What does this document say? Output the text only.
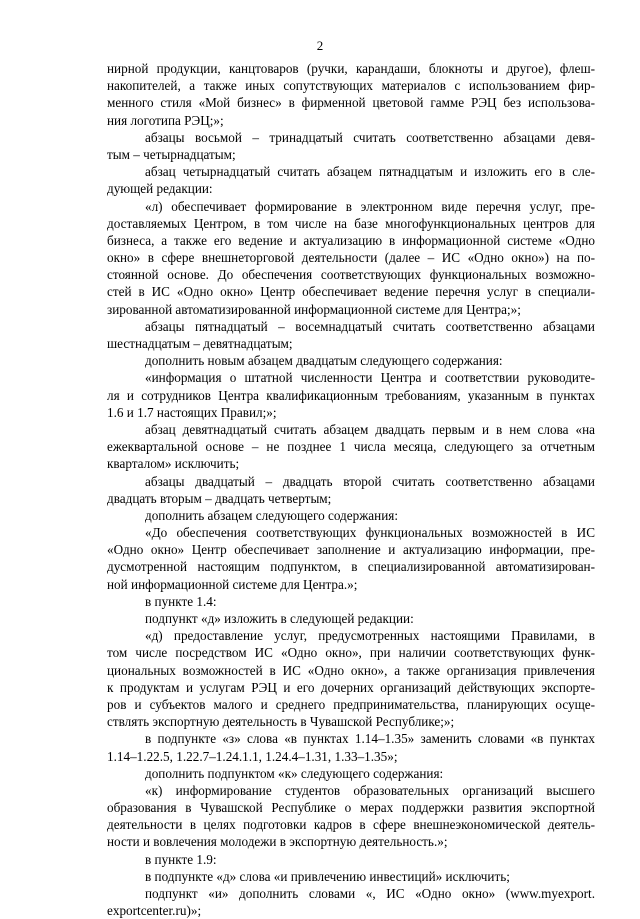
2
нирной продукции, канцтоваров (ручки, карандаши, блокноты и другое), флеш-
накопителей, а также иных сопутствующих материалов с использованием фир-
менного стиля «Мой бизнес» в фирменной цветовой гамме РЭЦ без использова-
ния логотипа РЭЦ;»;
абзацы восьмой – тринадцатый считать соответственно абзацами девя-
тым – четырнадцатым;
абзац четырнадцатый считать абзацем пятнадцатым и изложить его в сле-
дующей редакции:
«л) обеспечивает формирование в электронном виде перечня услуг, пре-
доставляемых Центром, в том числе на базе многофункциональных центров для
бизнеса, а также его ведение и актуализацию в информационной системе «Одно
окно» в сфере внешнеторговой деятельности (далее – ИС «Одно окно») на по-
стоянной основе. До обеспечения соответствующих функциональных возможно-
стей в ИС «Одно окно» Центр обеспечивает ведение перечня услуг в специали-
зированной автоматизированной информационной системе для Центра;»;
абзацы пятнадцатый – восемнадцатый считать соответственно абзацами
шестнадцатым – девятнадцатым;
дополнить новым абзацем двадцатым следующего содержания:
«информация о штатной численности Центра и соответствии руководите-
ля и сотрудников Центра квалификационным требованиям, указанным в пунктах
1.6 и 1.7 настоящих Правил;»;
абзац девятнадцатый считать абзацем двадцать первым и в нем слова «на
ежеквартальной основе – не позднее 1 числа месяца, следующего за отчетным
кварталом» исключить;
абзацы двадцатый – двадцать второй считать соответственно абзацами
двадцать вторым – двадцать четвертым;
дополнить абзацем следующего содержания:
«До обеспечения соответствующих функциональных возможностей в ИС
«Одно окно» Центр обеспечивает заполнение и актуализацию информации, пре-
дусмотренной настоящим подпунктом, в специализированной автоматизирован-
ной информационной системе для Центра.»;
в пункте 1.4:
подпункт «д» изложить в следующей редакции:
«д) предоставление услуг, предусмотренных настоящими Правилами, в
том числе посредством ИС «Одно окно», при наличии соответствующих функ-
циональных возможностей в ИС «Одно окно», а также организация привлечения
к продуктам и услугам РЭЦ и его дочерних организаций действующих экспорте-
ров и субъектов малого и среднего предпринимательства, планирующих осуще-
ствлять экспортную деятельность в Чувашской Республике;»;
в подпункте «з» слова «в пунктах 1.14–1.35» заменить словами «в пунктах
1.14–1.22.5, 1.22.7–1.24.1.1, 1.24.4–1.31, 1.33–1.35»;
дополнить подпунктом «к» следующего содержания:
«к) информирование студентов образовательных организаций высшего
образования в Чувашской Республике о мерах поддержки развития экспортной
деятельности в целях подготовки кадров в сфере внешнеэкономической деятель-
ности и вовлечения молодежи в экспортную деятельность.»;
в пункте 1.9:
в подпункте «д» слова «и привлечению инвестиций» исключить;
подпункт «и» дополнить словами «, ИС «Одно окно» (www.myexport.
exportcenter.ru)»;
